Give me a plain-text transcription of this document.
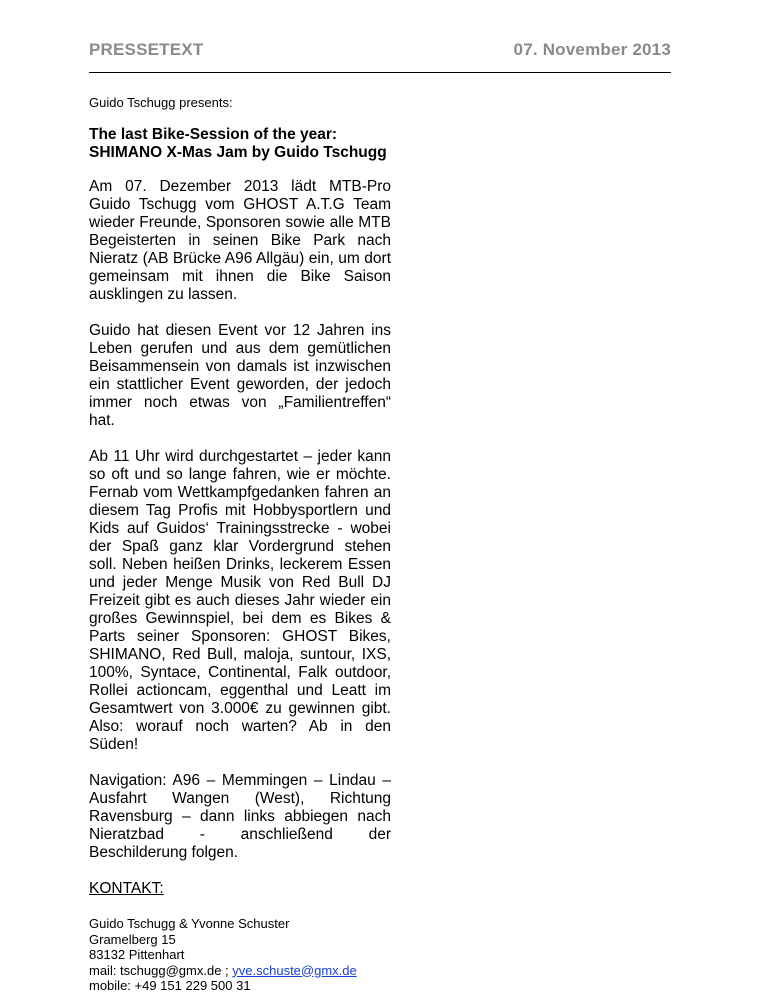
PRESSETEXT	07. November 2013
Guido Tschugg presents:
The last Bike-Session of the year:
SHIMANO X-Mas Jam by Guido Tschugg
Am 07. Dezember 2013 lädt MTB-Pro Guido Tschugg vom GHOST A.T.G Team wieder Freunde, Sponsoren sowie alle MTB Begeisterten in seinen Bike Park nach Nieratz (AB Brücke A96 Allgäu) ein, um dort gemeinsam mit ihnen die Bike Saison ausklingen zu lassen.
Guido hat diesen Event vor 12 Jahren ins Leben gerufen und aus dem gemütlichen Beisammensein von damals ist inzwischen ein stattlicher Event geworden, der jedoch immer noch etwas von „Familientreffen“ hat.
Ab 11 Uhr wird durchgestartet – jeder kann so oft und so lange fahren, wie er möchte. Fernab vom Wettkampfgedanken fahren an diesem Tag Profis mit Hobbysportlern und Kids auf Guidos‘ Trainingsstrecke - wobei der Spaß ganz klar Vordergrund stehen soll. Neben heißen Drinks, leckerem Essen und jeder Menge Musik von Red Bull DJ Freizeit gibt es auch dieses Jahr wieder ein großes Gewinnspiel, bei dem es Bikes & Parts seiner Sponsoren: GHOST Bikes, SHIMANO, Red Bull, maloja, suntour, IXS, 100%, Syntace, Continental, Falk outdoor, Rollei actioncam, eggenthal und Leatt im Gesamtwert von 3.000€ zu gewinnen gibt. Also: worauf noch warten? Ab in den Süden!
Navigation: A96 – Memmingen – Lindau – Ausfahrt Wangen (West), Richtung Ravensburg – dann links abbiegen nach Nieratzbad - anschließend der Beschilderung folgen.
KONTAKT:
Guido Tschugg & Yvonne Schuster
Gramelberg 15
83132 Pittenhart
mail: tschugg@gmx.de ; yve.schuste@gmx.de
mobile: +49 151 229 500 31
